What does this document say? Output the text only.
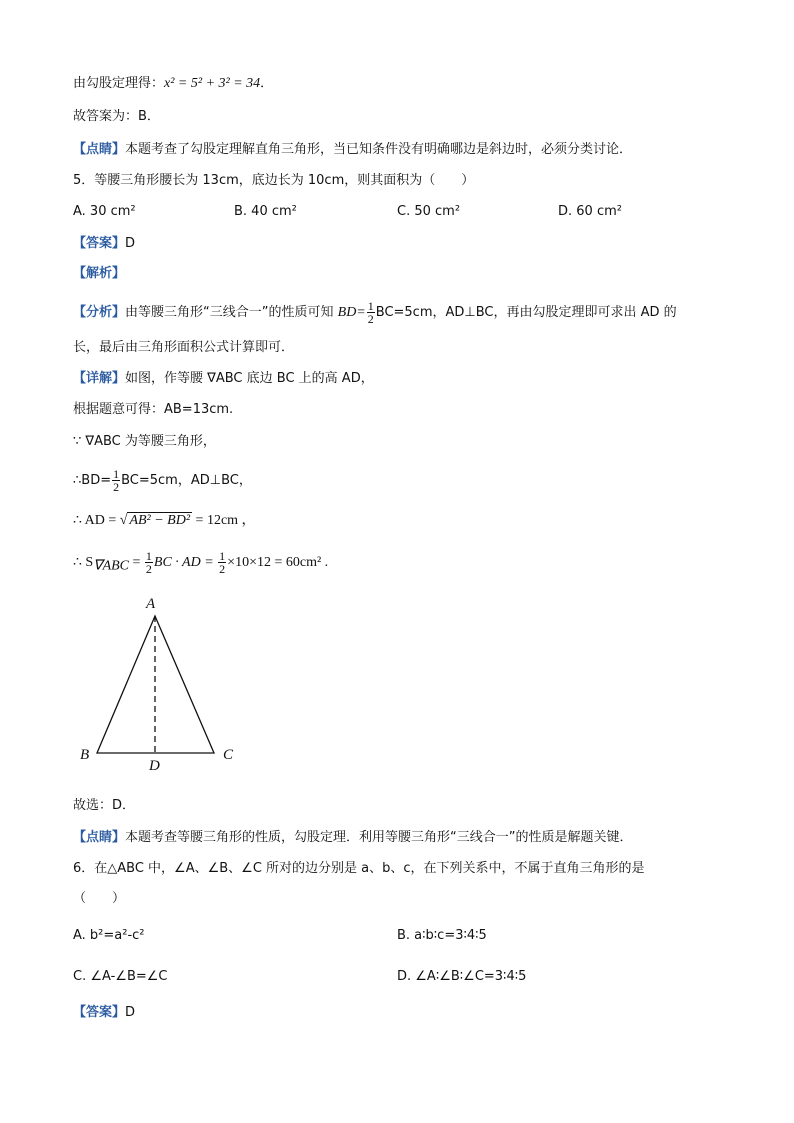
由勾股定理得：x² = 5² + 3² = 34．
故答案为：B．
【点睛】本题考查了勾股定理解直角三角形，当已知条件没有明确哪边是斜边时，必须分类讨论．
5．等腰三角形腰长为 13cm，底边长为 10cm，则其面积为（　　）
A. 30 cm²	B. 40 cm²	C. 50 cm²	D. 60 cm²
【答案】D
【解析】
【分析】由等腰三角形“三线合一”的性质可知 $BD= \frac{1}{2} BC=5cm$，AD⊥BC，再由勾股定理即可求出 AD 的
长，最后由三角形面积公式计算即可．
【详解】如图，作等腰 ∇ABC 底边 BC 上的高 AD，
根据题意可得：AB=13cm.
∵ ∇ABC 为等腰三角形，
∴BD= $\frac{1}{2} BC=5cm$，AD⊥BC，
∴ AD = √ AB² − BD² = 12cm ，
∴ $S_{\nabla ABC} = \frac{1}{2}$ BC · AD = $\frac{1}{2} \times 10\times 12 = 60cm^2$ .
A
B	C
D
故选：D．
【点睛】本题考查等腰三角形的性质，勾股定理．利用等腰三角形“三线合一”的性质是解题关键．
6．在△ABC 中，∠A、∠B、∠C 所对的边分别是 a、b、c，在下列关系中，不属于直角三角形的是
（　　）
A. b²=a²-c²	B. a∶b∶c=3∶4∶5
C. ∠A-∠B=∠C	D. ∠A∶∠B∶∠C=3∶4∶5
【答案】D
